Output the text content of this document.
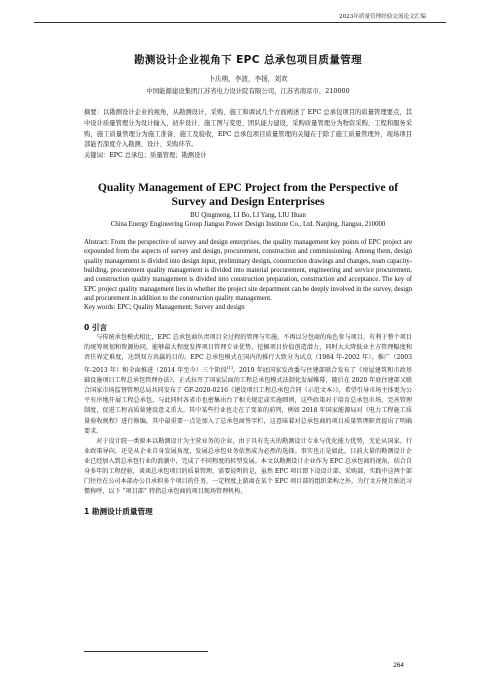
2023年质量管理经验交流论文汇编
勘测设计企业视角下 EPC 总承包项目质量管理
卜庆萌，李波，李扬，刘欢
中国能源建设集团江苏省电力设计院有限公司，江苏省南京市，210000
摘要：以勘测设计企业的视角，从勘测设计、采购、施工和调试几个方面阐述了 EPC 总承包项目的质量管理要点，其中设计质量管理分为设计输入、初步设计、施工图与变更、团队能力建设，采购质量管理分为物资采购、工程和服务采购，施工质量管理分为施工准备、施工及验收，EPC 总承包项目质量管理的关键在于除了施工质量管理外，现场项目部能否深度介入勘测、设计、采购环节。
关键词：EPC 总承包；质量管理；勘测设计
Quality Management of EPC Project from the Perspective of Survey and Design Enterprises
BU Qingmeng, LI Bo, LI Yang, LIU Huan
China Energy Engineering Group Jiangsu Power Design Institute Co., Ltd. Nanjing, Jiangsu, 210000
Abstract: From the perspective of survey and design enterprises, the quality management key points of EPC project are expounded from the aspects of survey and design, procurement, construction and commissioning. Among them, design quality management is divided into design input, preliminary design, construction drawings and changes, team capacity-building, procurement quality management is divided into material procurement, engineering and service procurement, and construction quality management is divided into construction preparation, construction and acceptance. The key of EPC project quality management lies in whether the project site department can be deeply involved in the survey, design and procurement in addition to the construction quality management.
Key words: EPC; Quality Management; Survey and design
0 引言

与传统承包模式相比，EPC 总承包商负责项目全过程的管理与实施，不再以分包商的角色参与项目，有利于整个项目的统筹规划和资源协同，能够最大程度发挥项目管理专业优势，挖掘项目价值创造潜力，同时大大降低业主方管理幅度和责任界定难度，达到双方共赢的目的。EPC 总承包模式在国内的推行大致分为试点（1984 年-2002 年）、推广（2003 年-2013 年）和全面推进（2014 年至今）三个阶段[1]。2019 年底国家发改委与住建部联合发布了《房屋建筑和市政基础设施项目工程总承包管理办法》，正式拉开了国家层面的工程总承包模式法制化发展帷幕，随后在 2020 年底住建部又联合国家市场监督管理总局共同发布了 GF-2020-0216《建设项目工程总承包合同（示范文本）》，希望引导市场主体更为公平有序地开展工程总承包，与此同时各省市也密集出台了相关规定或实施细则，这些政策对于培育总承包市场，完善管理制度，促进工程高质量建设意义重大。其中某些行业也走在了变革的前列，例如 2018 年国家能源局对《电力工程施工质量验收规程》进行修编，其中最重要一点是加入了总承包商签字栏，这意味着对总承包商的项目质量管理职责提出了明确要求。

对于设计院一类原本以勘测设计为主营业务的企业，由于具有先天的勘测设计专业与优化能力优势，无论从国家、行业政策导向，还是从企业自身发展角度，发展总承包业务依然成为必然的选择。事实也正是如此，目前大量的勘测设计企业已经加入到总承包行业的浪潮中，完成了不同程度的转型发展。本文以勘测设计企业作为 EPC 总承包商的视角，结合自身多年的工程经验，谈谈总承包项目的质量管理，需要说明的是，虽然 EPC 项目即下设设计部、采购部，实践中这两个部门往往在公司本部办公且承担多个项目的任务，一定程度上游离在某个 EPC 项目部的组织架构之外，为行文方便且贴近习惯称呼，以下 “项目部” 特指总承包商的项目现场管理机构。

1 勘测设计质量管理
264
